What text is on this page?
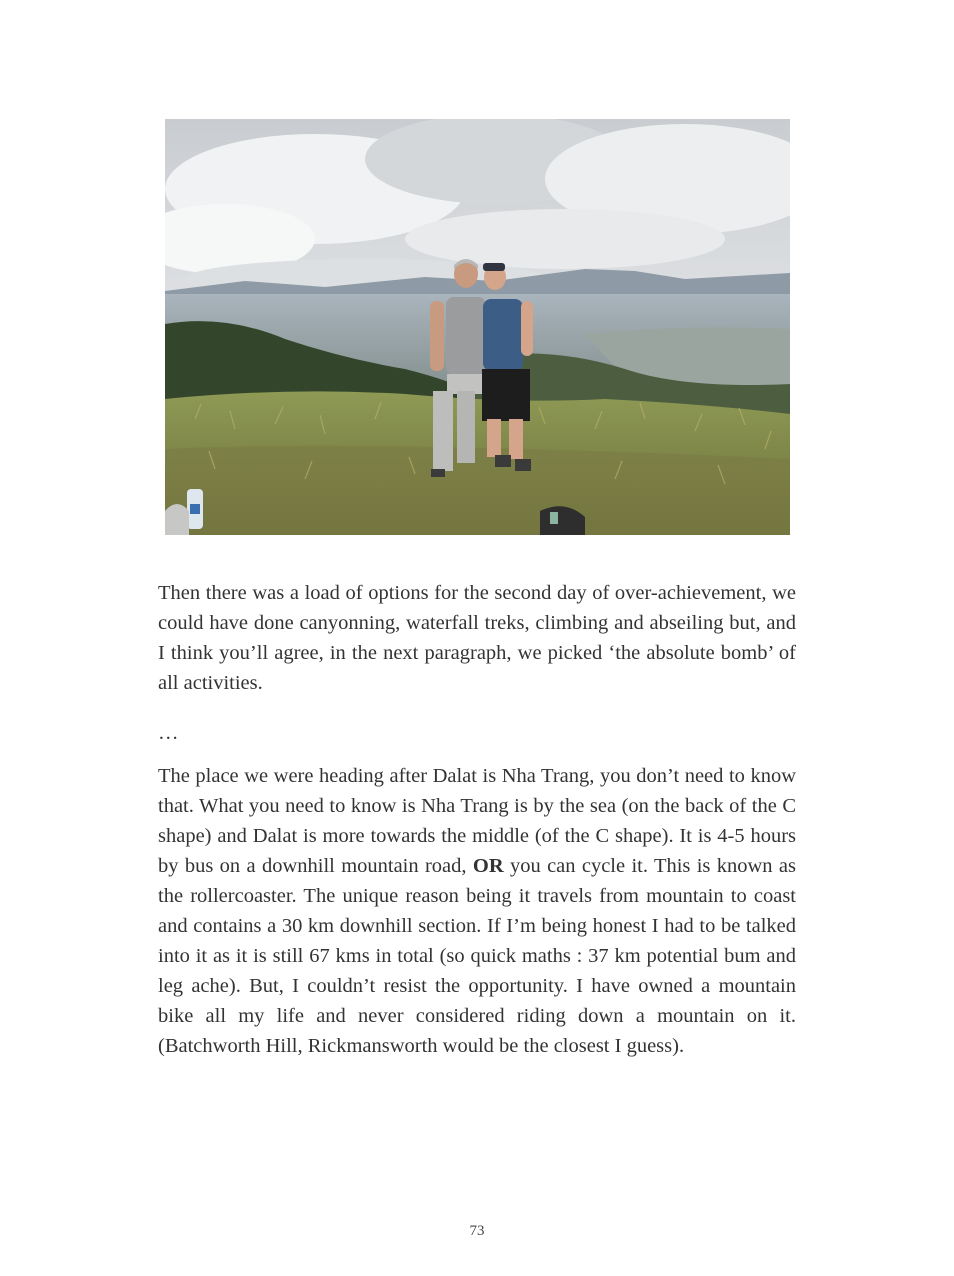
Then there was a load of options for the second day of over-achievement, we could have done canyonning, waterfall treks, climbing and abseiling but, and I think you’ll agree, in the next paragraph, we picked ‘the absolute bomb’ of all activities.

…

The place we were heading after Dalat is Nha Trang, you don’t need to know that. What you need to know is Nha Trang is by the sea (on the back of the C shape) and Dalat is more towards the middle (of the C shape). It is 4-5 hours by bus on a downhill mountain road, OR you can cycle it. This is known as the rollercoaster. The unique reason being it travels from mountain to coast and contains a 30 km downhill section. If I’m being honest I had to be talked into it as it is still 67 kms in total (so quick maths : 37 km potential bum and leg ache). But, I couldn’t resist the opportunity. I have owned a mountain bike all my life and never considered riding down a mountain on it. (Batchworth Hill, Rickmansworth would be the closest I guess).

73
